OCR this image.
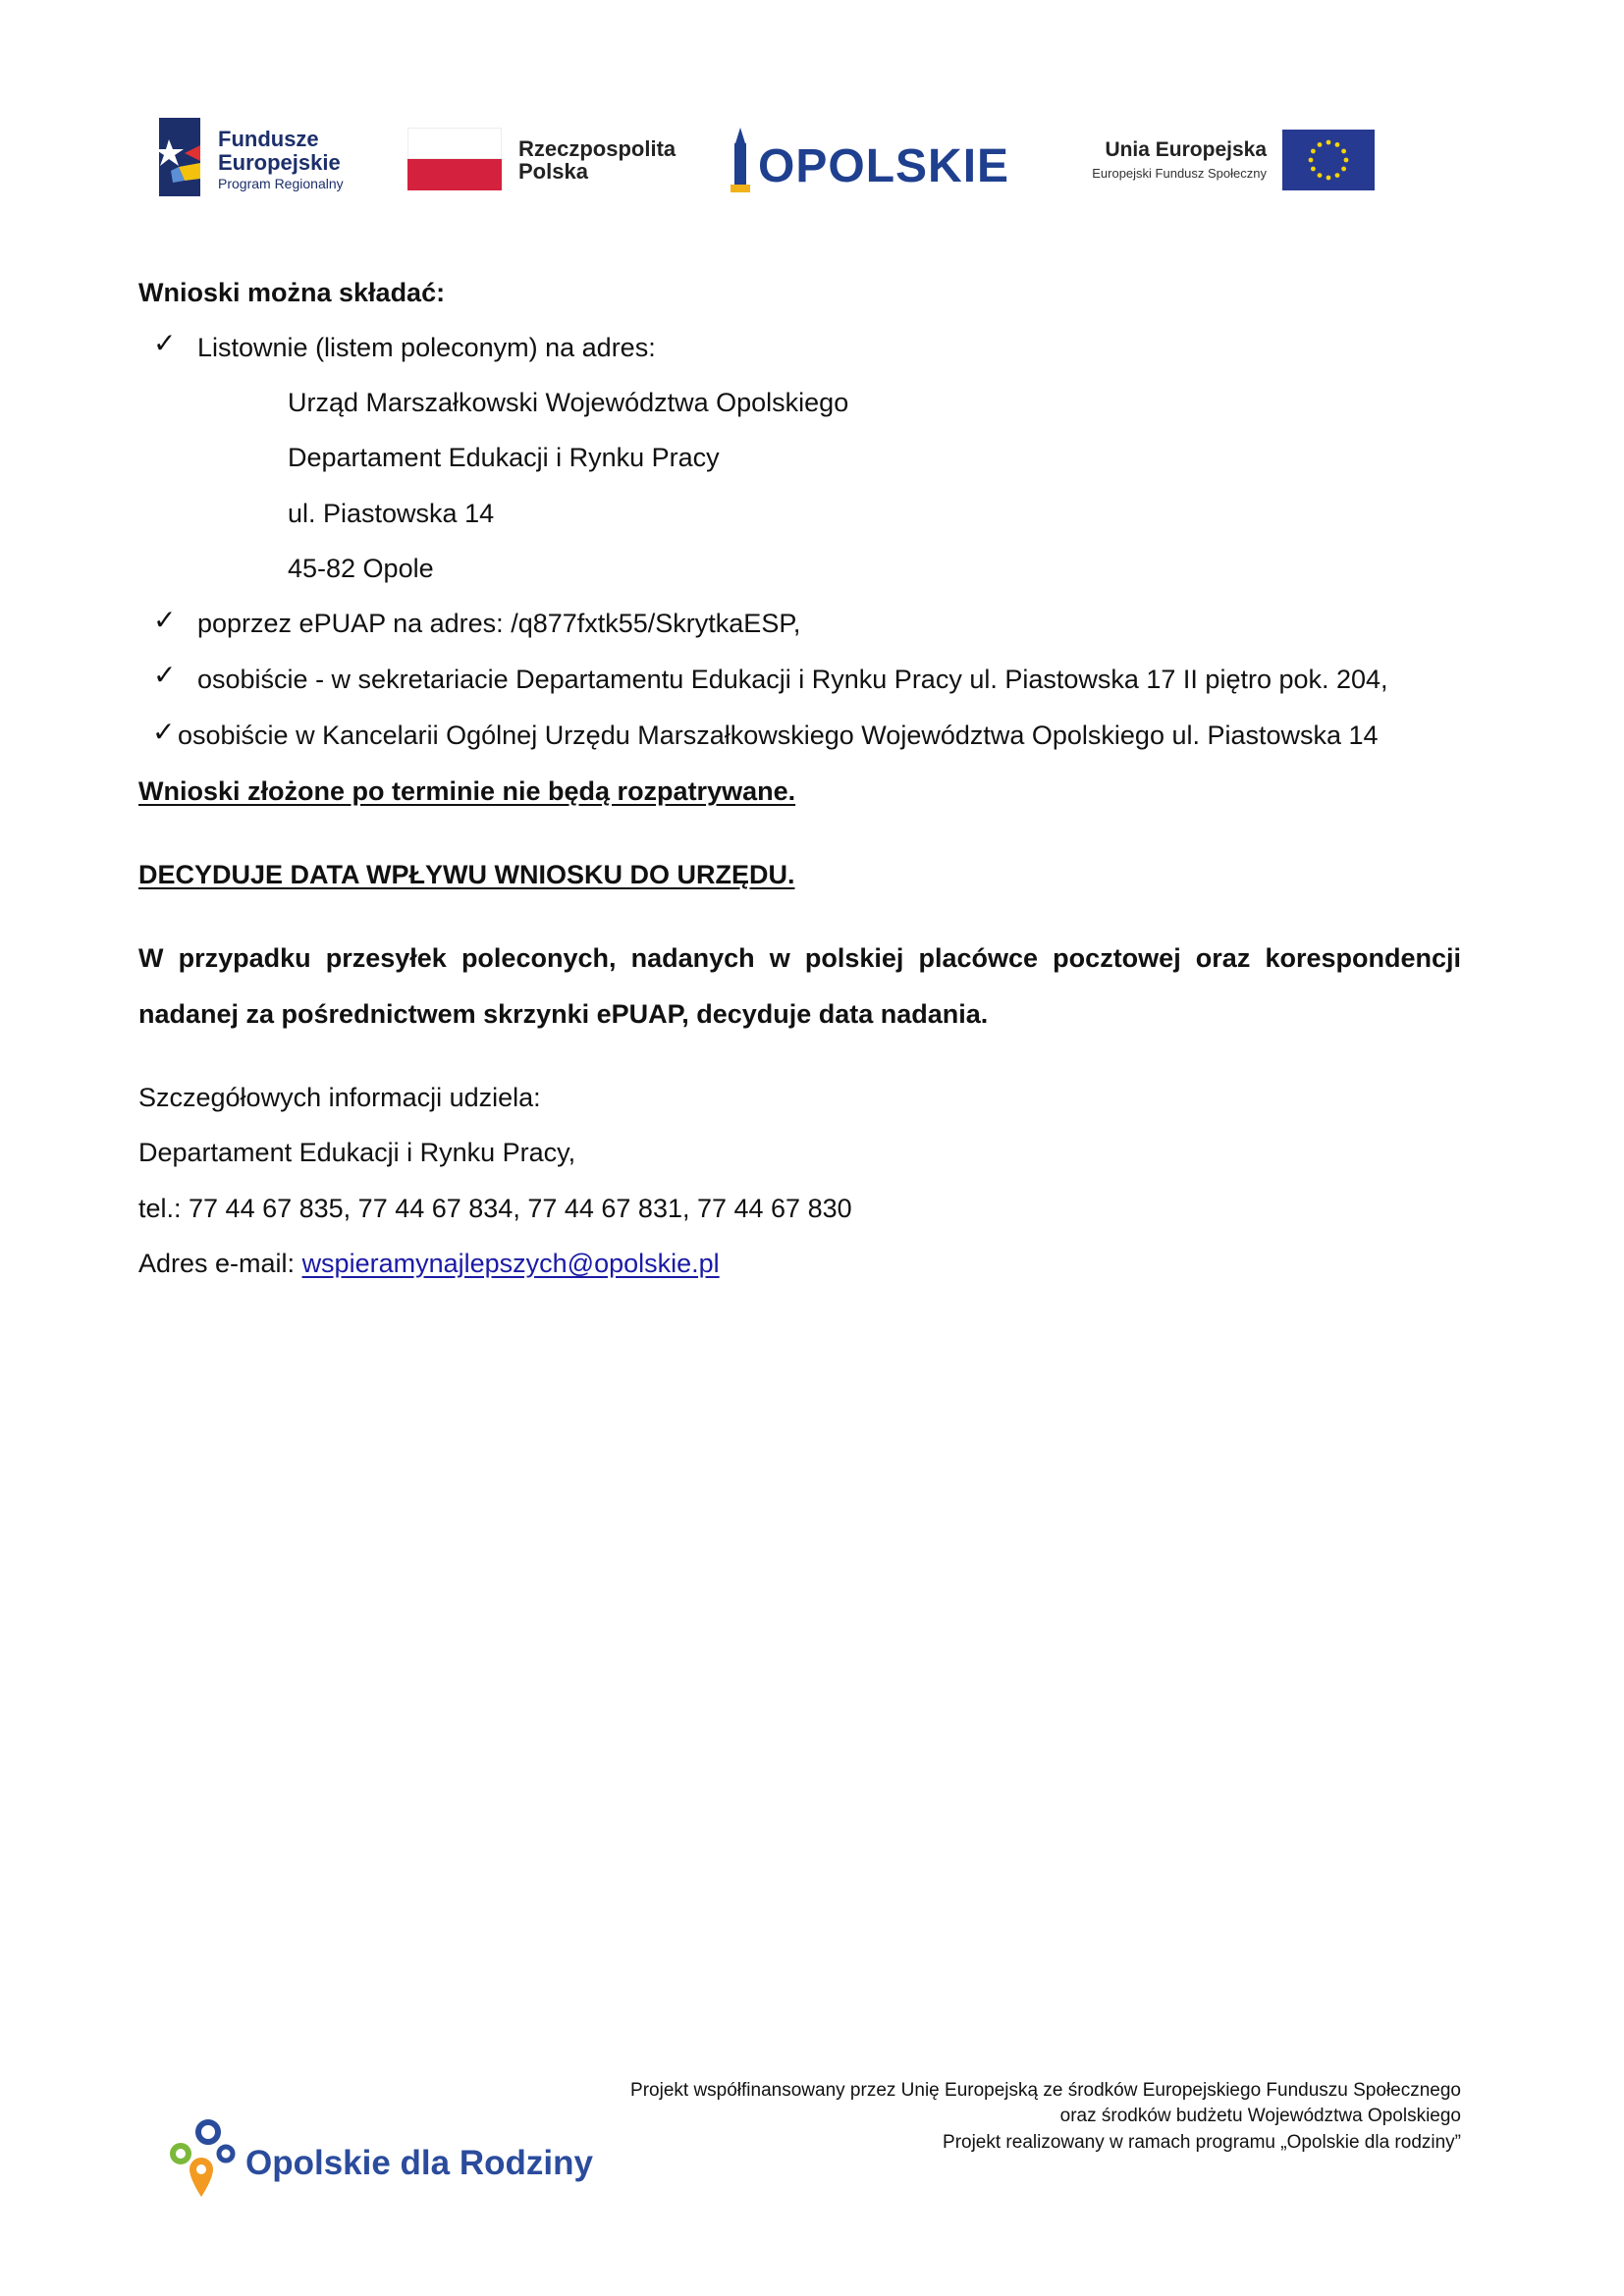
Fundusze
Europejskie
Program Regionalny
Rzeczpospolita
Polska	OPOLSKIE	Unia Europejska
Europejski Fundusz Społeczny
Wnioski można składać:
✓ Listownie (listem poleconym) na adres:
Urząd Marszałkowski Województwa Opolskiego
Departament Edukacji i Rynku Pracy
ul. Piastowska 14
45-82 Opole
✓ poprzez ePUAP na adres: /q877fxtk55/SkrytkaESP,
✓ osobiście - w sekretariacie Departamentu Edukacji i Rynku Pracy ul. Piastowska 17 II piętro pok. 204,
✓ osobiście w Kancelarii Ogólnej Urzędu Marszałkowskiego Województwa Opolskiego ul. Piastowska 14
Wnioski złożone po terminie nie będą rozpatrywane.
DECYDUJE DATA WPŁYWU WNIOSKU DO URZĘDU.
W przypadku przesyłek poleconych, nadanych w polskiej placówce pocztowej oraz korespondencji
nadanej za pośrednictwem skrzynki ePUAP, decyduje data nadania.
Szczegółowych informacji udziela:
Departament Edukacji i Rynku Pracy,
tel.: 77 44 67 835, 77 44 67 834, 77 44 67 831, 77 44 67 830
Adres e-mail: wspieramynajlepszych@opolskie.pl
Projekt współfinansowany przez Unię Europejską ze środków Europejskiego Funduszu Społecznego
oraz środków budżetu Województwa Opolskiego
Projekt realizowany w ramach programu „Opolskie dla rodziny”
Opolskie dla Rodziny
